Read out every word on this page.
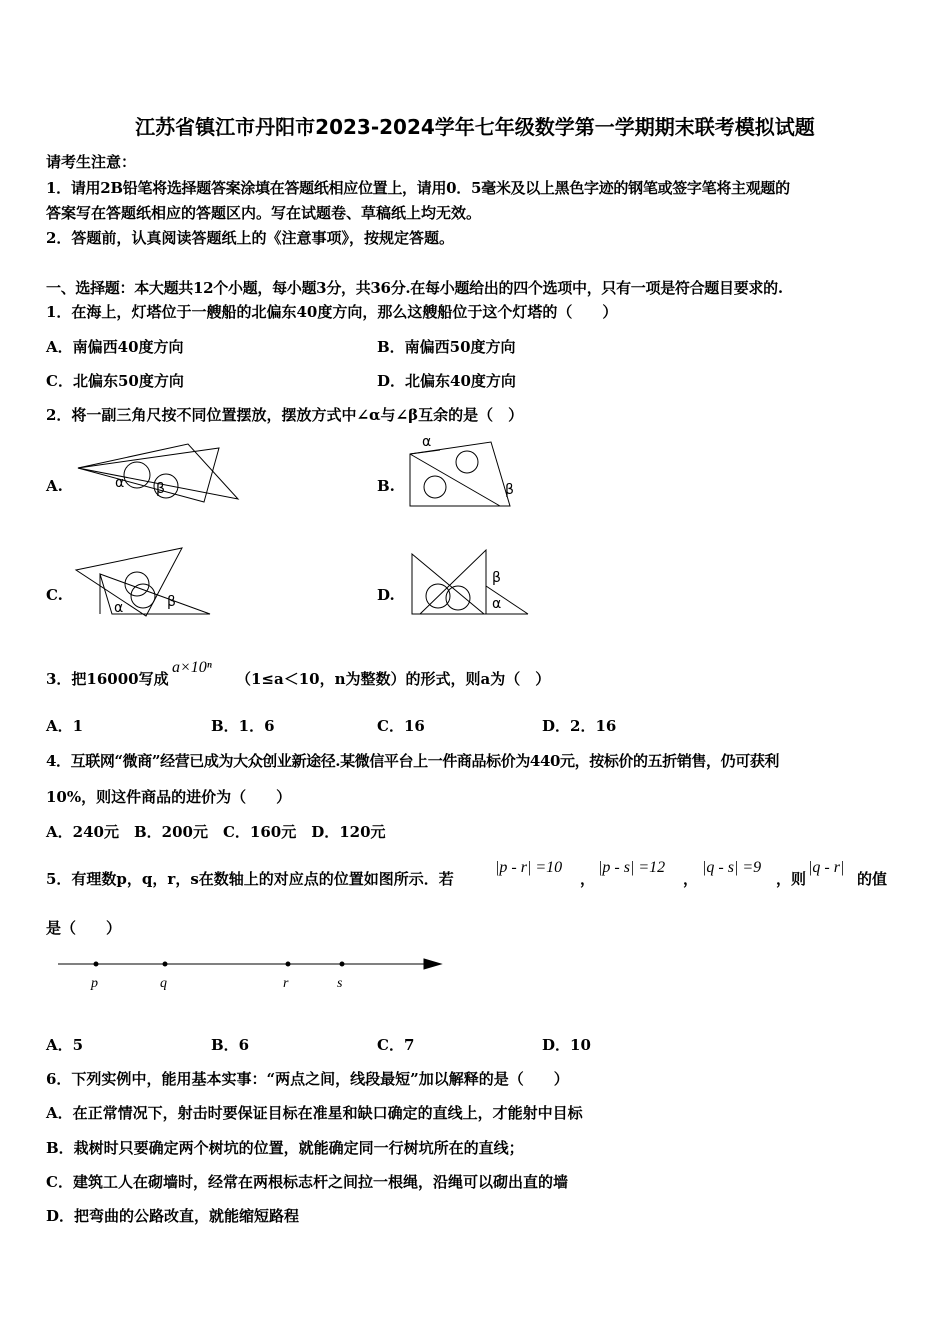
江苏省镇江市丹阳市2023-2024学年七年级数学第一学期期末联考模拟试题
请考生注意：
1．请用2B铅笔将选择题答案涂填在答题纸相应位置上，请用0．5毫米及以上黑色字迹的钢笔或签字笔将主观题的
答案写在答题纸相应的答题区内。写在试题卷、草稿纸上均无效。
2．答题前，认真阅读答题纸上的《注意事项》，按规定答题。
一、选择题：本大题共12个小题，每小题3分，共36分.在每小题给出的四个选项中，只有一项是符合题目要求的.
1．在海上，灯塔位于一艘船的北偏东40度方向，那么这艘船位于这个灯塔的（　　）
A．南偏西40度方向	B．南偏西50度方向
C．北偏东50度方向	D．北偏东40度方向
2．将一副三角尺按不同位置摆放，摆放方式中∠α与∠β互余的是（　）
A.	α β	B.
α
β
C.
α	β	D.
β
α
3．把16000写成
a×10ⁿ
（1≤a＜10，n为整数）的形式，则a为（　）
A．1	B．1．6	C．16	D．2．16
4．互联网“微商”经营已成为大众创业新途径.某微信平台上一件商品标价为440元，按标价的五折销售，仍可获利
10%，则这件商品的进价为（　　）
A．240元　B．200元　C．160元　D．120元
5．有理数p，q，r，s在数轴上的对应点的位置如图所示．若
|p - r| =10
，
|p - s| =12
，
|q - s| =9
，则
|q - r|
的值
是（　　）
p	q	r	s
A．5	B．6	C．7	D．10
6．下列实例中，能用基本实事：“两点之间，线段最短”加以解释的是（　　）
A．在正常情况下，射击时要保证目标在准星和缺口确定的直线上，才能射中目标
B．栽树时只要确定两个树坑的位置，就能确定同一行树坑所在的直线；
C．建筑工人在砌墙时，经常在两根标志杆之间拉一根绳，沿绳可以砌出直的墙
D．把弯曲的公路改直，就能缩短路程
